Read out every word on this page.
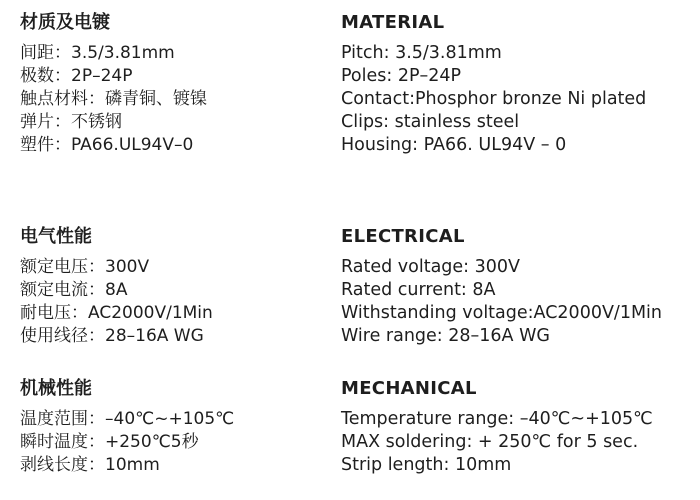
材质及电镀
间距：3.5/3.81mm
极数：2P–24P
触点材料：磷青铜、镀镍
弹片：不锈钢
塑件：PA66.UL94V–0
电气性能
额定电压：300V
额定电流：8A
耐电压：AC2000V/1Min
使用线径：28–16A WG
机械性能
温度范围：–40℃~+105℃
瞬时温度：+250℃5秒
剥线长度：10mm
MATERIAL
Pitch: 3.5/3.81mm
Poles: 2P–24P
Contact:Phosphor bronze Ni plated
Clips: stainless steel
Housing: PA66. UL94V – 0
ELECTRICAL
Rated voltage: 300V
Rated current: 8A
Withstanding voltage:AC2000V/1Min
Wire range: 28–16A WG
MECHANICAL
Temperature range: –40℃~+105℃
MAX soldering: + 250℃ for 5 sec.
Strip length: 10mm
